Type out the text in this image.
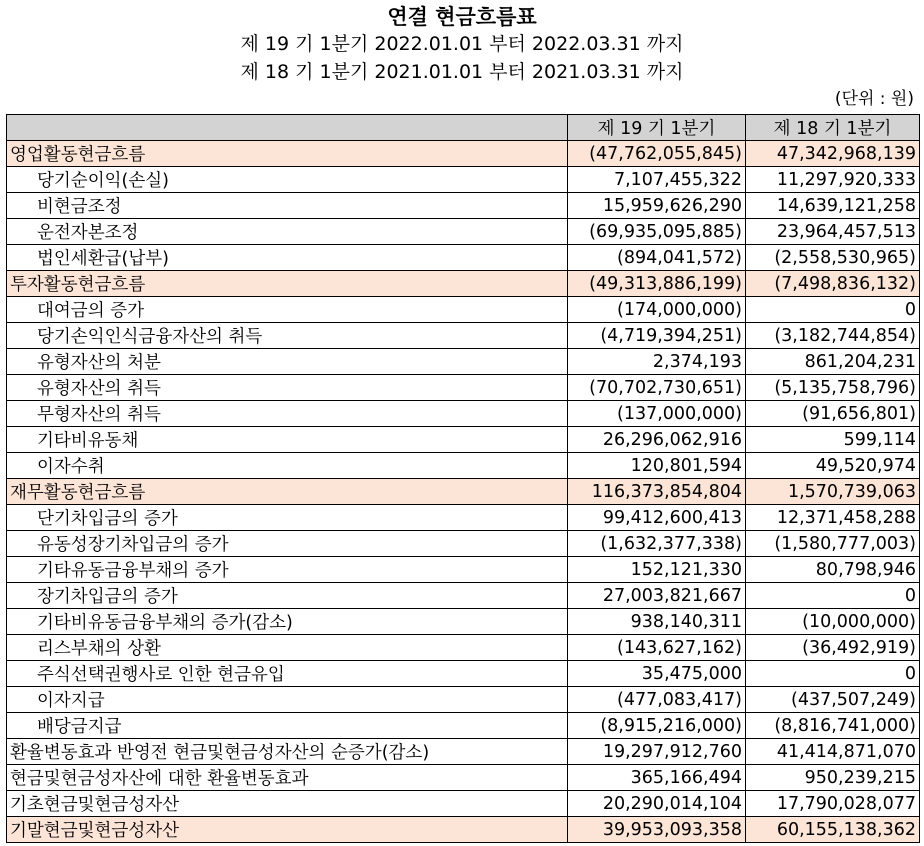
연결 현금흐름표
제 19 기 1분기 2022.01.01 부터 2022.03.31 까지
제 18 기 1분기 2021.01.01 부터 2021.03.31 까지
(단위 : 원)
	제 19 기 1분기	제 18 기 1분기
영업활동현금흐름	(47,762,055,845)	47,342,968,139
당기순이익(손실)	7,107,455,322	11,297,920,333
비현금조정	15,959,626,290	14,639,121,258
운전자본조정	(69,935,095,885)	23,964,457,513
법인세환급(납부)	(894,041,572)	(2,558,530,965)
투자활동현금흐름	(49,313,886,199)	(7,498,836,132)
대여금의 증가	(174,000,000)	0
당기손익인식금융자산의 취득	(4,719,394,251)	(3,182,744,854)
유형자산의 처분	2,374,193	861,204,231
유형자산의 취득	(70,702,730,651)	(5,135,758,796)
무형자산의 취득	(137,000,000)	(91,656,801)
기타비유동채	26,296,062,916	599,114
이자수취	120,801,594	49,520,974
재무활동현금흐름	116,373,854,804	1,570,739,063
단기차입금의 증가	99,412,600,413	12,371,458,288
유동성장기차입금의 증가	(1,632,377,338)	(1,580,777,003)
기타유동금융부채의 증가	152,121,330	80,798,946
장기차입금의 증가	27,003,821,667	0
기타비유동금융부채의 증가(감소)	938,140,311	(10,000,000)
리스부채의 상환	(143,627,162)	(36,492,919)
주식선택권행사로 인한 현금유입	35,475,000	0
이자지급	(477,083,417)	(437,507,249)
배당금지급	(8,915,216,000)	(8,816,741,000)
환율변동효과 반영전 현금및현금성자산의 순증가(감소)	19,297,912,760	41,414,871,070
현금및현금성자산에 대한 환율변동효과	365,166,494	950,239,215
기초현금및현금성자산	20,290,014,104	17,790,028,077
기말현금및현금성자산	39,953,093,358	60,155,138,362
